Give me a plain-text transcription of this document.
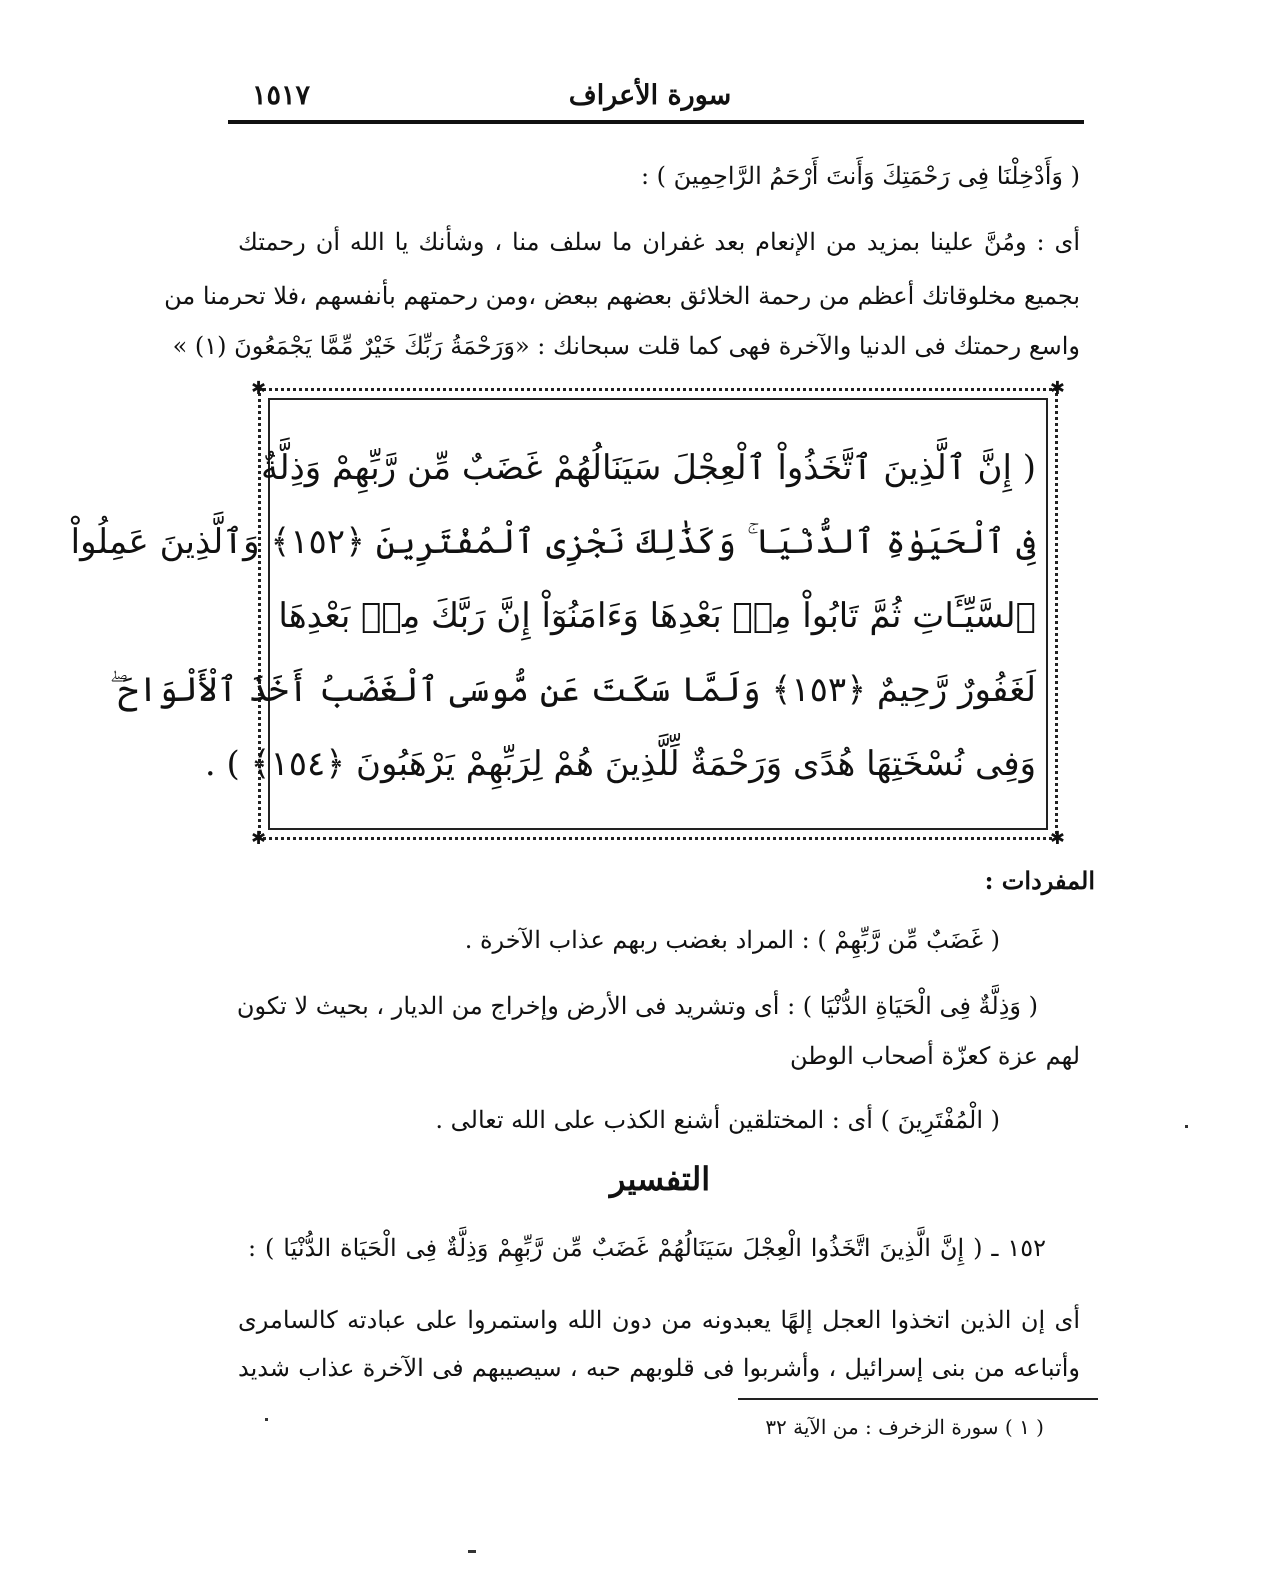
سورة الأعراف
١٥١٧
( وَأَدْخِلْنَا فِى رَحْمَتِكَ وَأَنتَ أَرْحَمُ الرَّاحِمِينَ ) :
أى : ومُنَّ علينا بمزيد من الإنعام بعد غفران ما سلف منا ، وشأنك يا الله أن رحمتك
بجميع مخلوقاتك أعظم من رحمة الخلائق بعضهم ببعض ،ومن رحمتهم بأنفسهم ،فلا تحرمنا من
واسع رحمتك فى الدنيا والآخرة فهى كما قلت سبحانك : «وَرَحْمَةُ رَبِّكَ خَيْرٌ مِّمَّا يَجْمَعُونَ (١) »
✱	✱
✱	✱
( إِنَّ ٱلَّذِينَ ٱتَّخَذُواْ ٱلْعِجْلَ سَيَنَالُهُمْ غَضَبٌ مِّن رَّبِّهِمْ وَذِلَّةٌ
فِى ٱلْحَيَوٰةِ ٱلدُّنْيَا ۚ وَكَذَٰلِكَ نَجْزِى ٱلْمُفْتَرِينَ ﴿١٥٢﴾ وَٱلَّذِينَ عَمِلُواْ
ٱلسَّيِّـَٔاتِ ثُمَّ تَابُواْ مِنۢ بَعْدِهَا وَءَامَنُوٓاْ إِنَّ رَبَّكَ مِنۢ بَعْدِهَا
لَغَفُورٌ رَّحِيمٌ ﴿١٥٣﴾ وَلَمَّا سَكَتَ عَن مُّوسَى ٱلْغَضَبُ أَخَذَ ٱلْأَلْوَاحَ ۖ
وَفِى نُسْخَتِهَا هُدًى وَرَحْمَةٌ لِّلَّذِينَ هُمْ لِرَبِّهِمْ يَرْهَبُونَ ﴿١٥٤﴾ ) .
المفردات :
( غَضَبٌ مِّن رَّبِّهِمْ ) : المراد بغضب ربهم عذاب الآخرة .
( وَذِلَّةٌ فِى الْحَيَاةِ الدُّنْيَا ) : أى وتشريد فى الأرض وإخراج من الديار ، بحيث لا تكون
لهم عزة كعزّة أصحاب الوطن
( الْمُفْتَرِينَ ) أى : المختلقين أشنع الكذب على الله تعالى .
التفسير
١٥٢ ـ ( إِنَّ الَّذِينَ اتَّخَذُوا الْعِجْلَ سَيَنَالُهُمْ غَضَبٌ مِّن رَّبِّهِمْ وَذِلَّةٌ فِى الْحَيَاة الدُّنْيَا ) :
أى إن الذين اتخذوا العجل إلهًا يعبدونه من دون الله واستمروا على عبادته كالسامرى
وأتباعه من بنى إسرائيل ، وأشربوا فى قلوبهم حبه ، سيصيبهم فى الآخرة عذاب شديد
( ١ ) سورة الزخرف : من الآية ٣٢
